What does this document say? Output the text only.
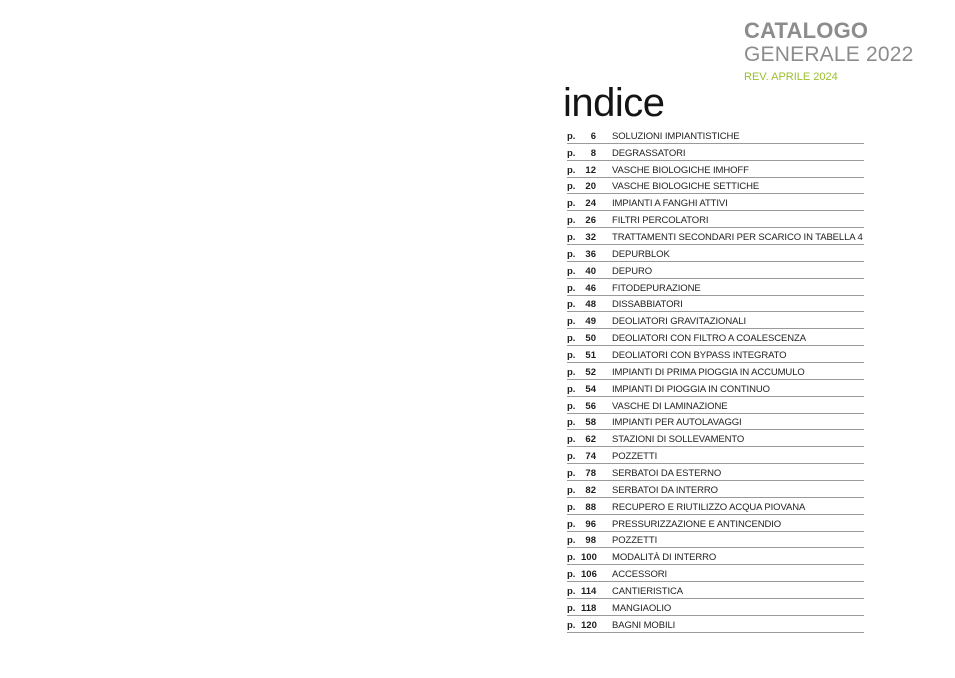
CATALOGO
GENERALE 2022
REV. APRILE 2024
indice
p.	6 SOLUZIONI IMPIANTISTICHE
p.	8 DEGRASSATORI
p.	12 VASCHE BIOLOGICHE IMHOFF
p.	20 VASCHE BIOLOGICHE SETTICHE
p.	24 IMPIANTI A FANGHI ATTIVI
p.	26 FILTRI PERCOLATORI
p.	32 TRATTAMENTI SECONDARI PER SCARICO IN TABELLA 4
p.	36 DEPURBLOK
p.	40 DEPURO
p.	46 FITODEPURAZIONE
p.	48 DISSABBIATORI
p.	49 DEOLIATORI GRAVITAZIONALI
p.	50 DEOLIATORI CON FILTRO A COALESCENZA
p.	51 DEOLIATORI CON BYPASS INTEGRATO
p.	52 IMPIANTI DI PRIMA PIOGGIA IN ACCUMULO
p.	54 IMPIANTI DI PIOGGIA IN CONTINUO
p.	56 VASCHE DI LAMINAZIONE
p.	58 IMPIANTI PER AUTOLAVAGGI
p.	62 STAZIONI DI SOLLEVAMENTO
p.	74 POZZETTI
p.	78 SERBATOI DA ESTERNO
p.	82 SERBATOI DA INTERRO
p.	88 RECUPERO E RIUTILIZZO ACQUA PIOVANA
p.	96 PRESSURIZZAZIONE E ANTINCENDIO
p.	98 POZZETTI
p. 100 MODALITÀ DI INTERRO
p. 106 ACCESSORI
p. 114 CANTIERISTICA
p. 118 MANGIAOLIO
p. 120 BAGNI MOBILI
